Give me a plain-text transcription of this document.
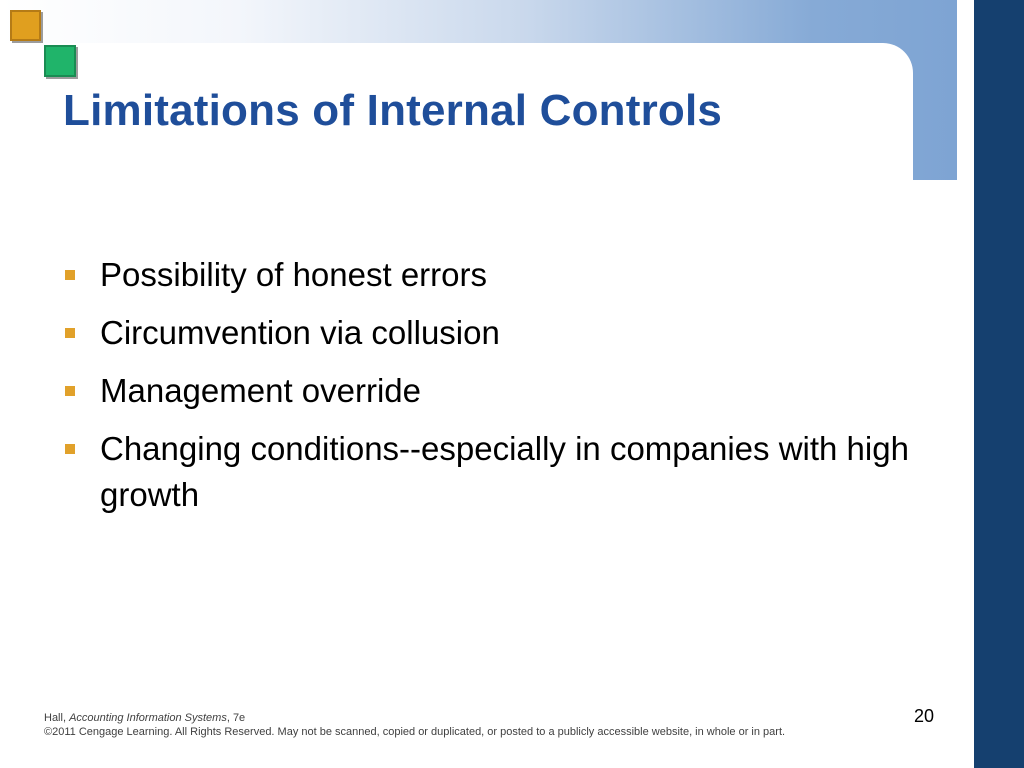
Limitations of Internal Controls
Possibility of honest errors
Circumvention via collusion
Management override
Changing conditions--especially in companies with high growth
Hall, Accounting Information Systems, 7e
©2011 Cengage Learning. All Rights Reserved. May not be scanned, copied or duplicated, or posted to a publicly accessible website, in whole or in part.
20
